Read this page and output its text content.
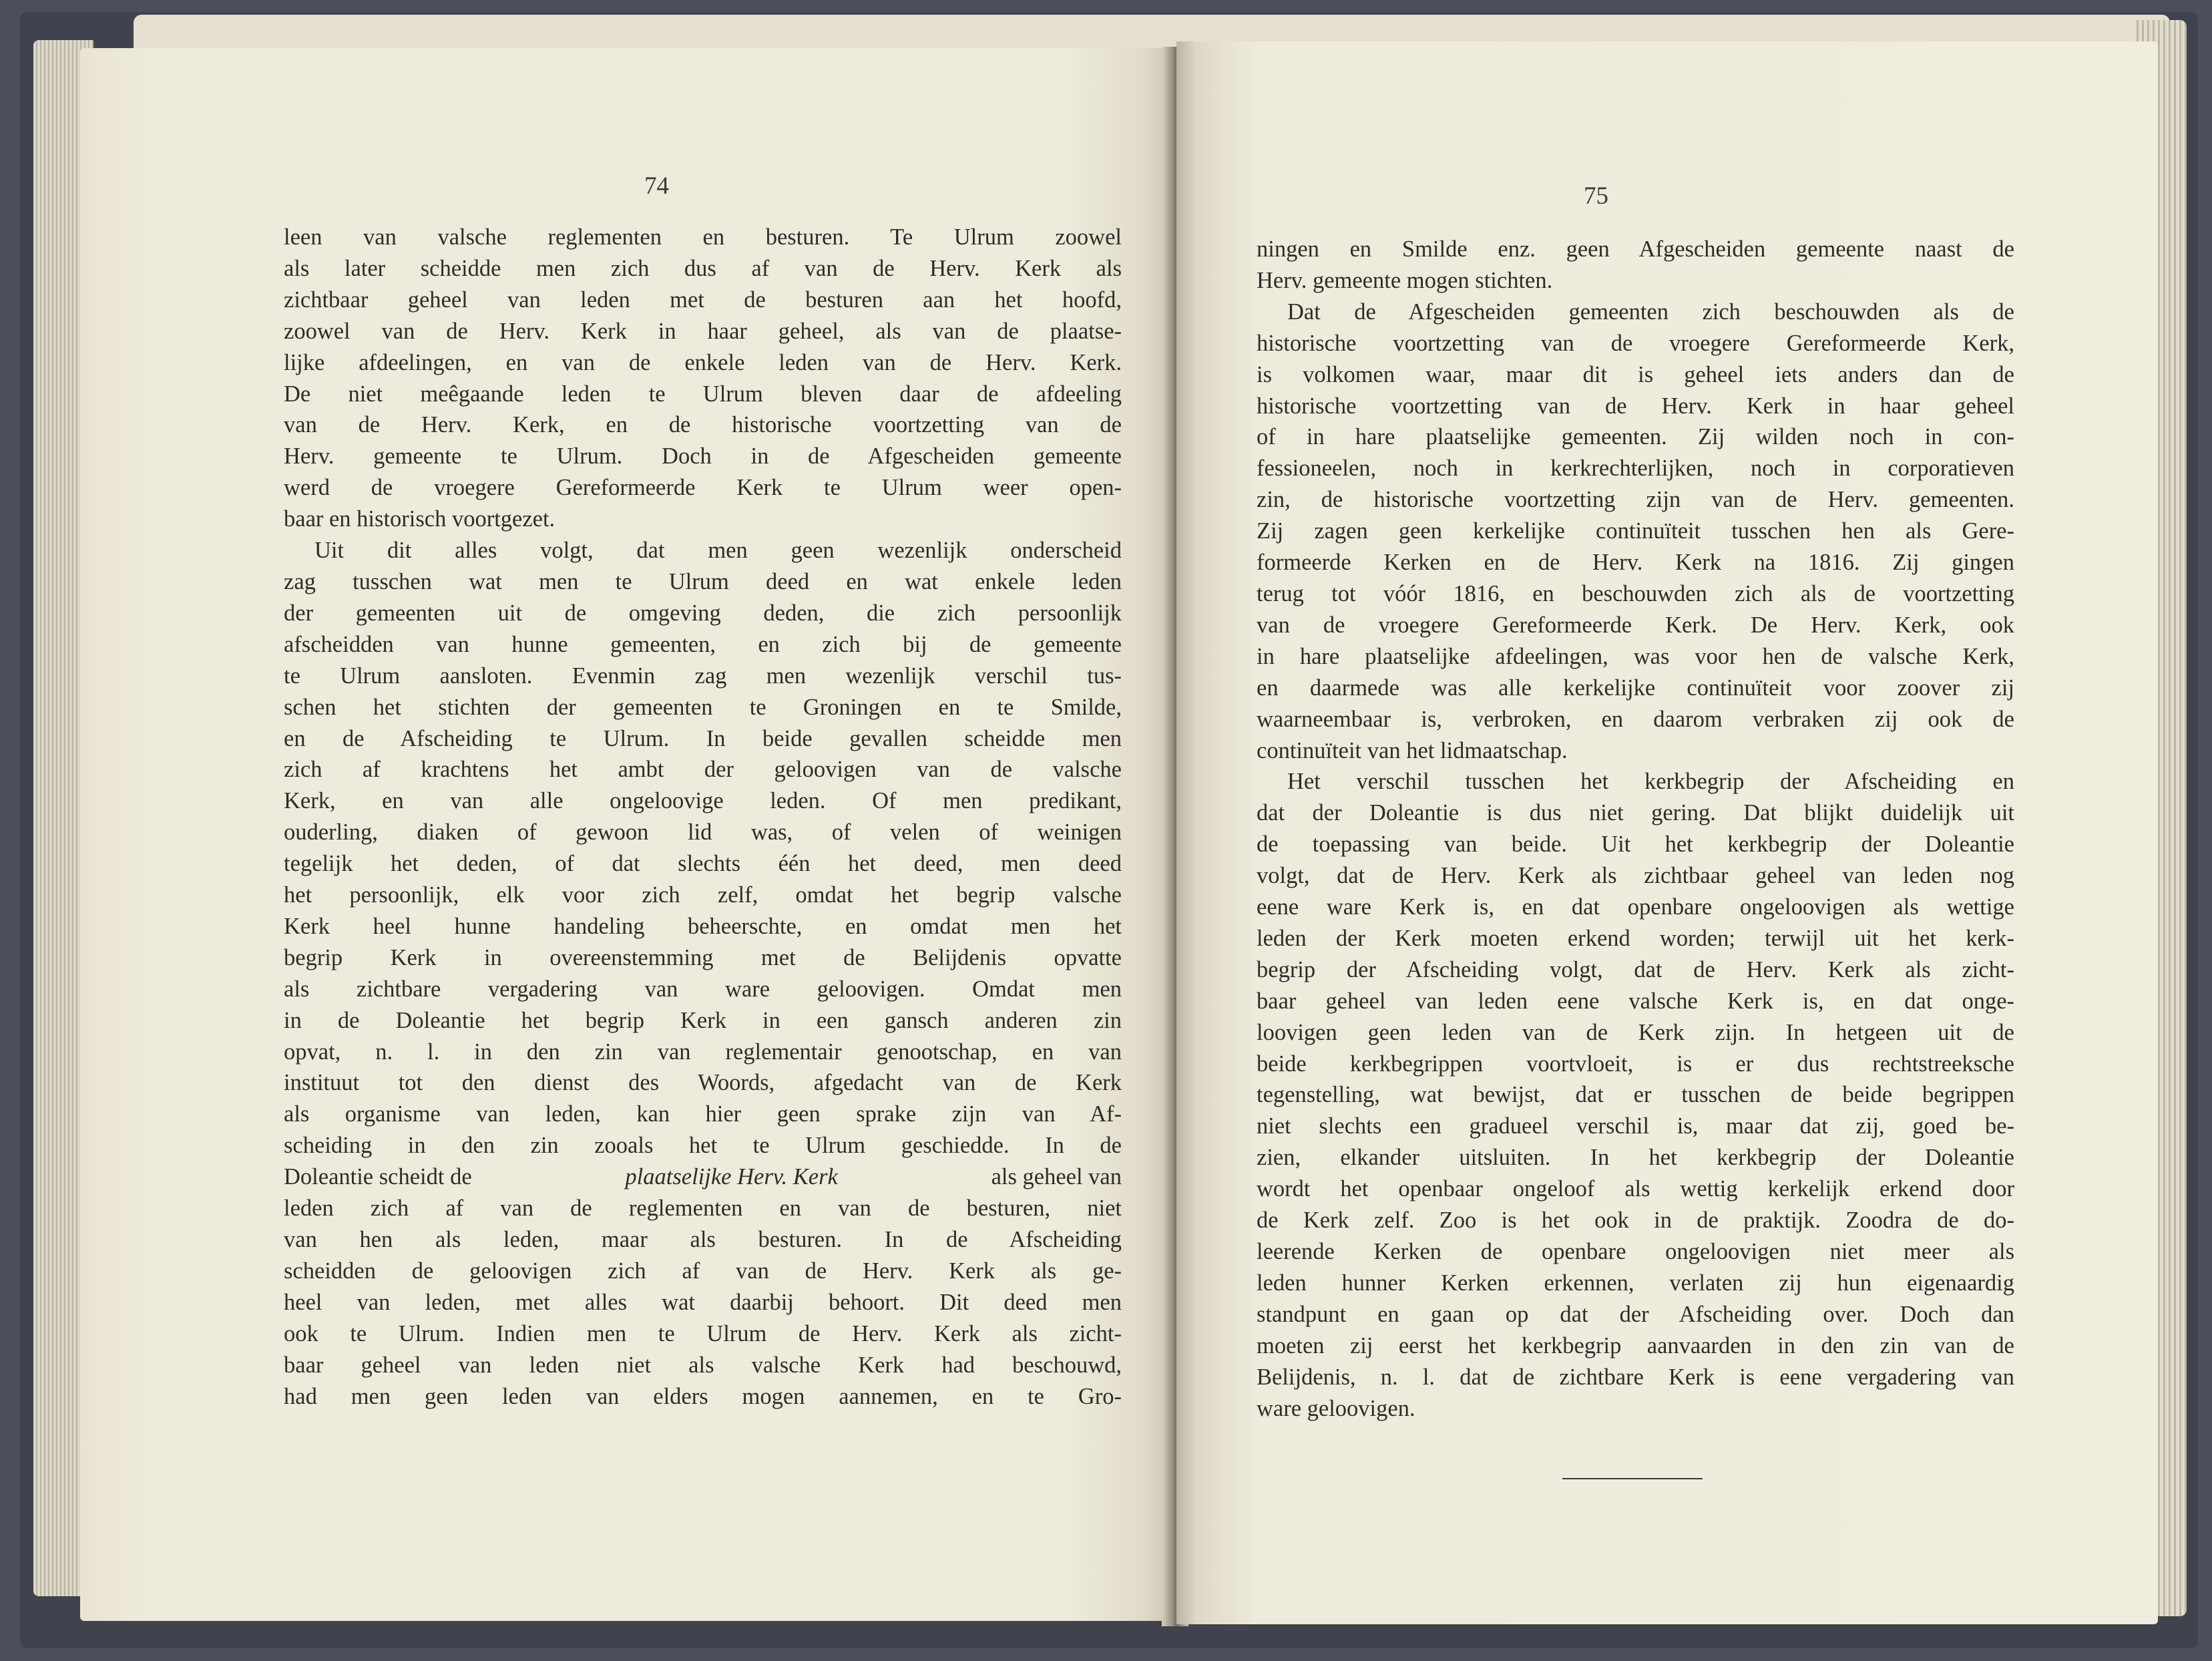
74
leen van valsche reglementen en besturen. Te Ulrum zoowel
als later scheidde men zich dus af van de Herv. Kerk als
zichtbaar geheel van leden met de besturen aan het hoofd,
zoowel van de Herv. Kerk in haar geheel, als van de plaatse-
lijke afdeelingen, en van de enkele leden van de Herv. Kerk.
De niet meêgaande leden te Ulrum bleven daar de afdeeling
van de Herv. Kerk, en de historische voortzetting van de
Herv. gemeente te Ulrum. Doch in de Afgescheiden gemeente
werd de vroegere Gereformeerde Kerk te Ulrum weer open-
baar en historisch voortgezet.
Uit dit alles volgt, dat men geen wezenlijk onderscheid
zag tusschen wat men te Ulrum deed en wat enkele leden
der gemeenten uit de omgeving deden, die zich persoonlijk
afscheidden van hunne gemeenten, en zich bij de gemeente
te Ulrum aansloten. Evenmin zag men wezenlijk verschil tus-
schen het stichten der gemeenten te Groningen en te Smilde,
en de Afscheiding te Ulrum. In beide gevallen scheidde men
zich af krachtens het ambt der geloovigen van de valsche
Kerk, en van alle ongeloovige leden. Of men predikant,
ouderling, diaken of gewoon lid was, of velen of weinigen
tegelijk het deden, of dat slechts één het deed, men deed
het persoonlijk, elk voor zich zelf, omdat het begrip valsche
Kerk heel hunne handeling beheerschte, en omdat men het
begrip Kerk in overeenstemming met de Belijdenis opvatte
als zichtbare vergadering van ware geloovigen. Omdat men
in de Doleantie het begrip Kerk in een gansch anderen zin
opvat, n. l. in den zin van reglementair genootschap, en van
instituut tot den dienst des Woords, afgedacht van de Kerk
als organisme van leden, kan hier geen sprake zijn van Af-
scheiding in den zin zooals het te Ulrum geschiedde. In de
Doleantie scheidt de	plaatselijke Herv. Kerk	als geheel van
leden zich af van de reglementen en van de besturen, niet
van hen als leden, maar als besturen. In de Afscheiding
scheidden de geloovigen zich af van de Herv. Kerk als ge-
heel van leden, met alles wat daarbij behoort. Dit deed men
ook te Ulrum. Indien men te Ulrum de Herv. Kerk als zicht-
baar geheel van leden niet als valsche Kerk had beschouwd,
had men geen leden van elders mogen aannemen, en te Gro-
75
ningen en Smilde enz. geen Afgescheiden gemeente naast de
Herv. gemeente mogen stichten.
Dat de Afgescheiden gemeenten zich beschouwden als de
historische voortzetting van de vroegere Gereformeerde Kerk,
is volkomen waar, maar dit is geheel iets anders dan de
historische voortzetting van de Herv. Kerk in haar geheel
of in hare plaatselijke gemeenten. Zij wilden noch in con-
fessioneelen, noch in kerkrechterlijken, noch in corporatieven
zin, de historische voortzetting zijn van de Herv. gemeenten.
Zij zagen geen kerkelijke continuïteit tusschen hen als Gere-
formeerde Kerken en de Herv. Kerk na 1816. Zij gingen
terug tot vóór 1816, en beschouwden zich als de voortzetting
van de vroegere Gereformeerde Kerk. De Herv. Kerk, ook
in hare plaatselijke afdeelingen, was voor hen de valsche Kerk,
en daarmede was alle kerkelijke continuïteit voor zoover zij
waarneembaar is, verbroken, en daarom verbraken zij ook de
continuïteit van het lidmaatschap.
Het verschil tusschen het kerkbegrip der Afscheiding en
dat der Doleantie is dus niet gering. Dat blijkt duidelijk uit
de toepassing van beide. Uit het kerkbegrip der Doleantie
volgt, dat de Herv. Kerk als zichtbaar geheel van leden nog
eene ware Kerk is, en dat openbare ongeloovigen als wettige
leden der Kerk moeten erkend worden; terwijl uit het kerk-
begrip der Afscheiding volgt, dat de Herv. Kerk als zicht-
baar geheel van leden eene valsche Kerk is, en dat onge-
loovigen geen leden van de Kerk zijn. In hetgeen uit de
beide kerkbegrippen voortvloeit, is er dus rechtstreeksche
tegenstelling, wat bewijst, dat er tusschen de beide begrippen
niet slechts een gradueel verschil is, maar dat zij, goed be-
zien, elkander uitsluiten. In het kerkbegrip der Doleantie
wordt het openbaar ongeloof als wettig kerkelijk erkend door
de Kerk zelf. Zoo is het ook in de praktijk. Zoodra de do-
leerende Kerken de openbare ongeloovigen niet meer als
leden hunner Kerken erkennen, verlaten zij hun eigenaardig
standpunt en gaan op dat der Afscheiding over. Doch dan
moeten zij eerst het kerkbegrip aanvaarden in den zin van de
Belijdenis, n. l. dat de zichtbare Kerk is eene vergadering van
ware geloovigen.
